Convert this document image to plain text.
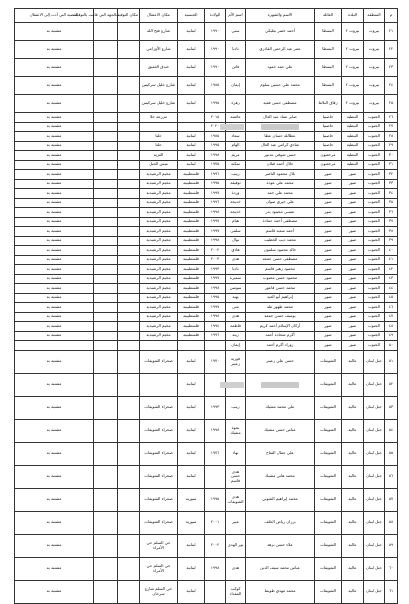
م	المنطقة	البلدة	العائلة	الاسم والشهرة	اسم الأم	الولادة	الجنسية	مكان الاعتقال	مكان التوقيف	الجهة التي قامت بالتوقيف	القضية التي أدت إلى الاعتقال
٢١	بيروت	بيروت ٢	البسطا	أحمد خضر بعلبكي	سني	١٩٩٠	لبنانية	شارع فتح الله			مشتبه به
٢٢	بيروت	بيروت ٢	البسطا	عمر عبد الرحمن القادري	ناديا	١٩٩٠	لبنانية	شارع الأوزاعي			مشتبه به
٢٣	بيروت	بيروت ٢	البسطا	علي حمد حمود	فاتن	١٩٩٠	لبنانية	خندق الغميق			مشتبه به
٢٤	بيروت	بيروت ٢	البسطا	محمد علي حسين سلوم	إيمان	١٩٨٥	لبنانية	شارع خليل سركيس			مشتبه به
٢٥	بيروت	بيروت ٢	زقاق البلاط	مصطفى حسن فقيه	زهرة	١٩٩٥	لبنانية	شارع خليل سركيس			مشتبه به
٢٦	الجنوب	النبطية	حاصبيا	صابر عماد عبد العال	عائشة	٢٠١٥		مزرعة حلا			مشتبه به
٢٧	الجنوب	النبطية	حاصبيا			٢٠٢٠					مشتبه به
٢٨	الجنوب	النبطية	حاصبيا	عطالله حسان عطا	سعاد	١٩٨٥	لبنانية	حلتا			مشتبه به
٢٩	الجنوب	النبطية	حاصبيا	شادي كرامي عبد العال	الهام	١٩٩٥	لبنانية	حلتا			مشتبه به
٣٠	الجنوب	النبطية	مرجعيون	حسن شوقي عدنور	مريم	١٩٩٨	لبنانية	الغزية			مشتبه به
٣١	الجنوب	النبطية	مرجعيون	جلال أحمد قبلان	سكنة	١٩٧٥	لبنانية	ميس الجبل			مشتبه به
٣٢	الجنوب	صور	صور	بلال محمود الناصر	زينب	١٩٩٦	فلسطينية	مخيم الرشيدية			مشتبه به
٣٣	الجنوب	صور	صور	محمد علي عودة	توفيقة	١٩٩٥	فلسطينية	مخيم الرشيدية			مشتبه به
٣٤	الجنوب	صور	صور	محمد علي حمد	وردة	١٩٩٧	فلسطينية	مخيم الرشيدية			مشتبه به
٣٥	الجنوب	صور	صور	علي خيري صوان	خديجة	١٩٩٦	فلسطينية	مخيم الرشيدية			مشتبه به
٣٦	الجنوب	صور	صور	عيسى محمود بدر	خديجة	١٩٩٨	فلسطينية	مخيم الرشيدية			مشتبه به
٣٧	الجنوب	صور	صور	مصطفى أحمد حمادة	هيام	١٩٩٧	فلسطينية	مخيم الرشيدية			مشتبه به
٣٨	الجنوب	صور	صور	أحمد سعيد قاسم	سلمى	١٩٩٧	فلسطينية	مخيم الرشيدية			مشتبه به
٣٩	الجنوب	صور	صور	محمد ذيب الخطيب	نوال	١٩٩٨	فلسطينية	مخيم الرشيدية			مشتبه به
٤٠	الجنوب	صور	صور	خالد محمود سلمون	هادي	٢٠٠٢	فلسطينية	مخيم الرشيدية			مشتبه به
٤١	الجنوب	صور	صور	مصطفى حسن جمعه	هدى	٢٠٠٣	فلسطينية	مخيم الرشيدية			مشتبه به
٤٢	الجنوب	صور	صور	محمود زهير قاسم	ناديا	١٩٩٣	فلسطينية	مخيم الرشيدية			مشتبه به
٤٣	الجنوب	صور	صور	محمود حسن محبوب	سميرة	١٩٩٧	فلسطينية	مخيم الرشيدية			مشتبه به
٤٤	الجنوب	صور	صور	محمد حسن فاعور	سوسن	١٩٩٨	فلسطينية	مخيم الرشيدية			مشتبه به
٤٥	الجنوب	صور	صور	إبراهيم أبو العيد	بهية	١٩٩٥	فلسطينية	مخيم الرشيدية			مشتبه به
٤٦	الجنوب	صور	صور	محمد ظهور طه	منى	١٩٩٧	فلسطينية	مخيم الرشيدية			مشتبه به
٤٧	الجنوب	صور	صور	يوسف حسن جمعه	هدى	١٩٩٨	فلسطينية	مخيم الرشيدية			مشتبه به
٤٨	الجنوب	صور	صور	أركان الإسلام أحمد كريم	فاطمة	١٩٩٤	فلسطينية	مخيم الرشيدية			مشتبه به
٤٩	الجنوب	صور	صور	أكرم شحادة أحمد	زينة	١٩٩٦	فلسطينية	مخيم الرشيدية			مشتبه به
٥٠	الجنوب	صور	صور	زوراد أكرم أحمد	إيمان						
٥١	جبل لبنان	عاليه	الشويفات	حسن علي زعيتر	فوزية زعيتر	١٩٧٠	لبنانية	صحراء الشويفات			مشتبه به
٥٢	جبل لبنان	عاليه	الشويفات				لبنانية				مشتبه به
٥٣	جبل لبنان	عاليه	الشويفات	علي محمد مشيك	زينب	١٩٩٣	لبنانية	صحراء الشويفات			مشتبه به
٥٤	جبل لبنان	عاليه	الشويفات	عباس حسن مشيك	نجوة مشيك	١٩٩٨	لبنانية	صحراء الشويفات			مشتبه به
٥٥	جبل لبنان	عاليه	الشويفات	علي جمال الفتاح	نهاد	١٩٧٦	لبنانية	صحراء الشويفات			مشتبه به
٥٦	جبل لبنان	عاليه	الشويفات	محمد هاني مشيك	هدى حسن قاسم		لبنانية	صحراء الشويفات			مشتبه به
٥٧	جبل لبنان	عاليه	الشويفات	محمد إبراهيم الشوني	هدى الشويفات	١٩٩٥	سورية	صحراء الشويفات			مشتبه به
٥٨	جبل لبنان	عاليه	الشويفات	برزان رياض الخلف	عبير	٢٠٠١	سورية	صحراء الشويفات			مشتبه به
٥٩	جبل لبنان	عاليه	الشويفات	علاء حسن نزهة	نور الهدى	٢٠٠٢	لبنانية	حي السلم حي الأمراء			مشتبه به
٦٠	جبل لبنان	عاليه	الشويفات	عباس محمد سيف الدين	هدى	١٩٩٨	لبنانية	حي السلم حي الأمراء			مشتبه به
٦١	جبل لبنان	عاليه	الشويفات	محمد مهدي طويط	كوكب المقداد		لبنانية	حي السلم شارع سرحان			مشتبه به
